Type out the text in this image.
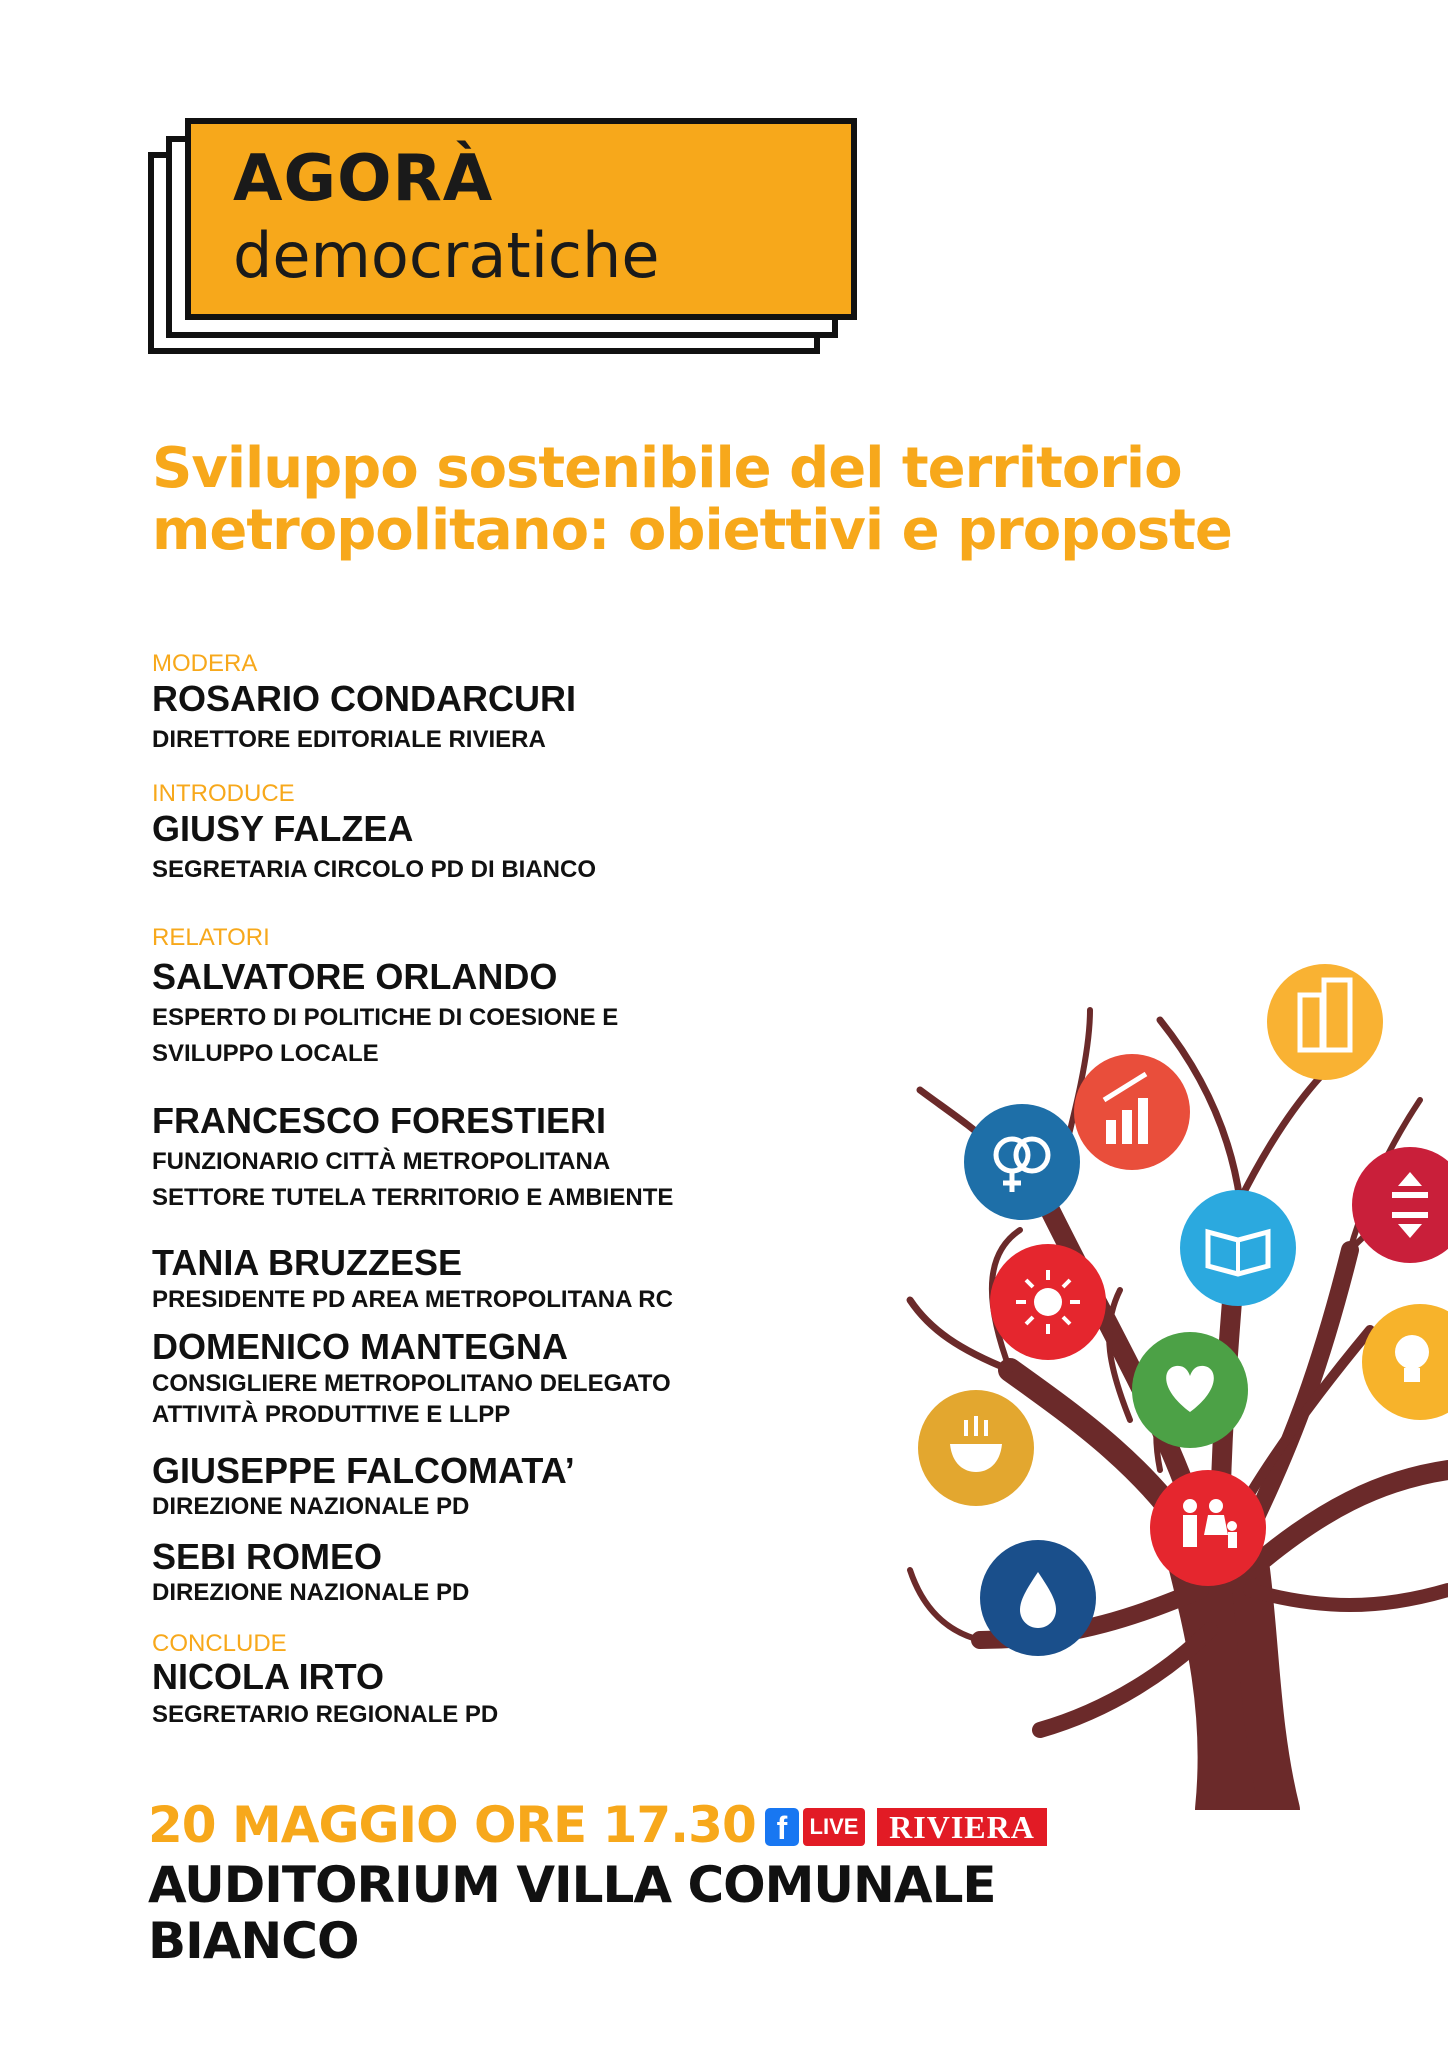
AGORÀ
democratiche
Sviluppo sostenibile del territorio
metropolitano: obiettivi e proposte
MODERA
ROSARIO CONDARCURI
DIRETTORE EDITORIALE RIVIERA
INTRODUCE
GIUSY FALZEA
SEGRETARIA CIRCOLO PD DI BIANCO
RELATORI
SALVATORE ORLANDO
ESPERTO DI POLITICHE DI COESIONE E
SVILUPPO LOCALE
FRANCESCO FORESTIERI
FUNZIONARIO CITTÀ METROPOLITANA
SETTORE TUTELA TERRITORIO E AMBIENTE
TANIA BRUZZESE
PRESIDENTE PD AREA METROPOLITANA RC
DOMENICO MANTEGNA
CONSIGLIERE METROPOLITANO DELEGATO
ATTIVITÀ PRODUTTIVE E LLPP
GIUSEPPE FALCOMATA’
DIREZIONE NAZIONALE PD
SEBI ROMEO
DIREZIONE NAZIONALE PD
CONCLUDE
NICOLA IRTO
SEGRETARIO REGIONALE PD
20 MAGGIO ORE 17.30 f	LIVE RIVIERA
AUDITORIUM VILLA COMUNALE
BIANCO
